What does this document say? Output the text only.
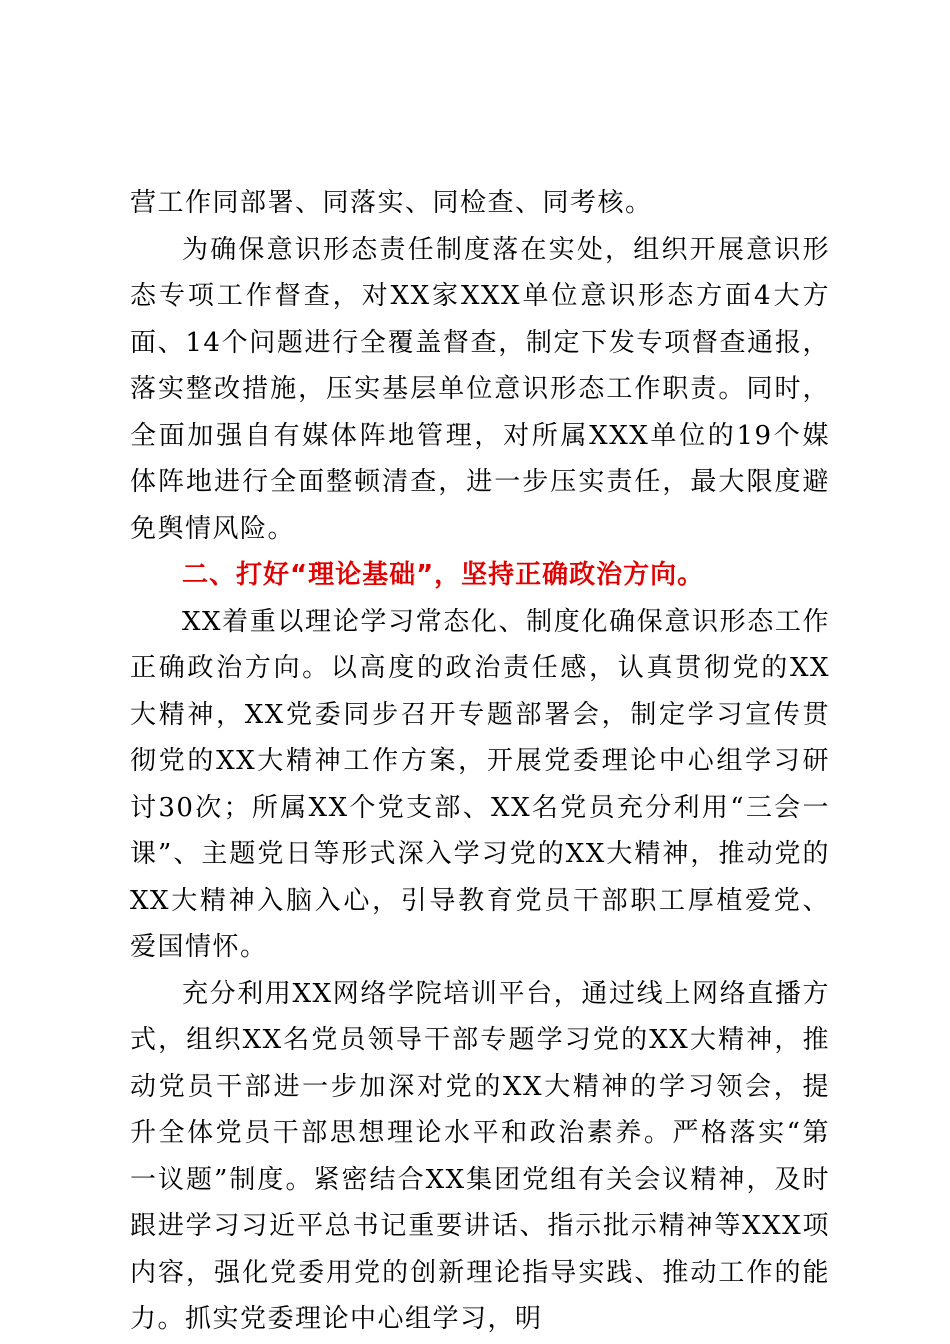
营工作同部署、同落实、同检查、同考核。

为确保意识形态责任制度落在实处，组织开展意识形态专项工作督查，对XX家XXX单位意识形态方面4大方面、14个问题进行全覆盖督查，制定下发专项督查通报，落实整改措施，压实基层单位意识形态工作职责。同时，全面加强自有媒体阵地管理，对所属XXX单位的19个媒体阵地进行全面整顿清查，进一步压实责任，最大限度避免舆情风险。

二、打好“理论基础”，坚持正确政治方向。

XX着重以理论学习常态化、制度化确保意识形态工作正确政治方向。以高度的政治责任感，认真贯彻党的XX大精神，XX党委同步召开专题部署会，制定学习宣传贯彻党的XX大精神工作方案，开展党委理论中心组学习研讨30次；所属XX个党支部、XX名党员充分利用“三会一课”、主题党日等形式深入学习党的XX大精神，推动党的XX大精神入脑入心，引导教育党员干部职工厚植爱党、爱国情怀。

充分利用XX网络学院培训平台，通过线上网络直播方式，组织XX名党员领导干部专题学习党的XX大精神，推动党员干部进一步加深对党的XX大精神的学习领会，提升全体党员干部思想理论水平和政治素养。严格落实“第一议题”制度。紧密结合XX集团党组有关会议精神，及时跟进学习习近平总书记重要讲话、指示批示精神等XXX项内容，强化党委用党的创新理论指导实践、推动工作的能力。抓实党委理论中心组学习，明
